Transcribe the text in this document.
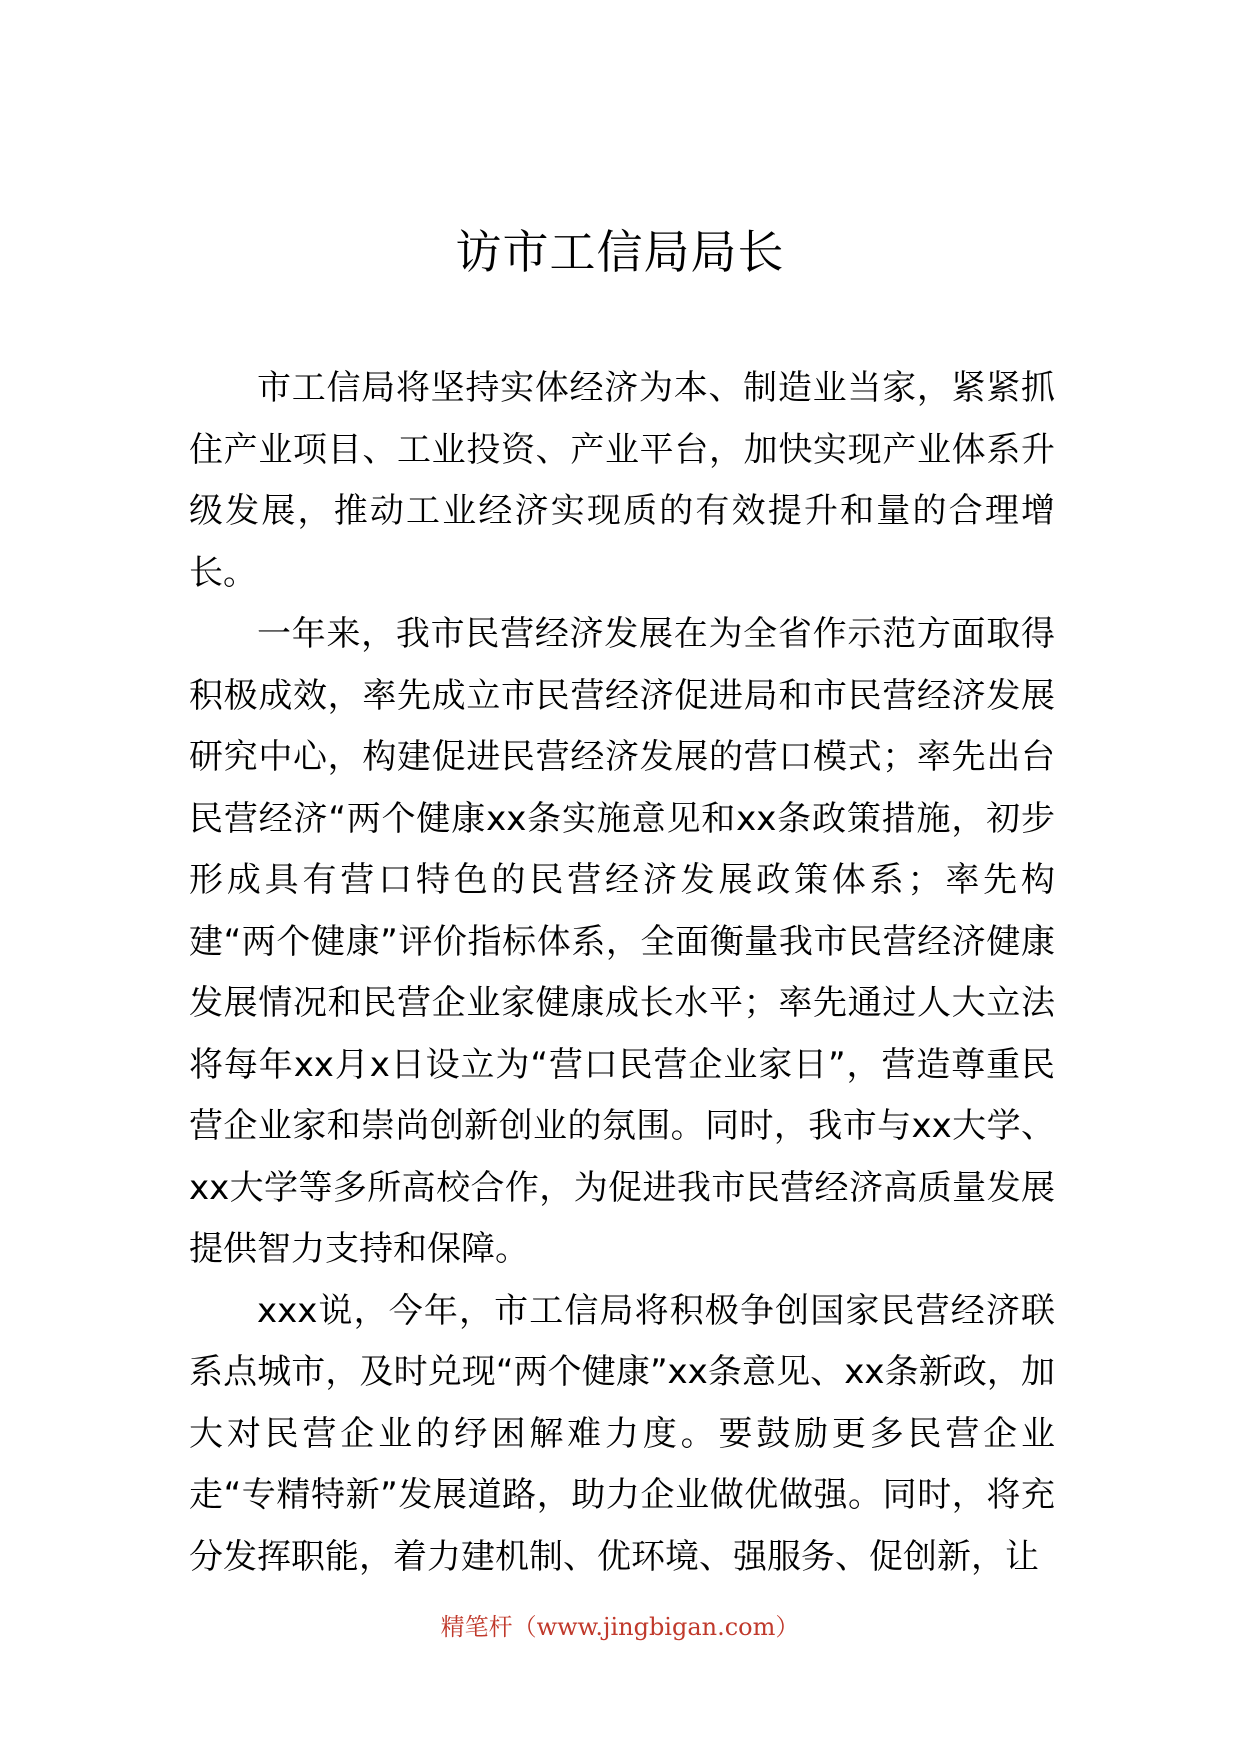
访市工信局局长

市工信局将坚持实体经济为本、制造业当家，紧紧抓住产业项目、工业投资、产业平台，加快实现产业体系升级发展，推动工业经济实现质的有效提升和量的合理增长。

一年来，我市民营经济发展在为全省作示范方面取得积极成效，率先成立市民营经济促进局和市民营经济发展研究中心，构建促进民营经济发展的营口模式；率先出台民营经济“两个健康xx条实施意见和xx条政策措施，初步形成具有营口特色的民营经济发展政策体系；率先构建“两个健康”评价指标体系，全面衡量我市民营经济健康发展情况和民营企业家健康成长水平；率先通过人大立法将每年xx月x日设立为“营口民营企业家日”，营造尊重民营企业家和崇尚创新创业的氛围。同时，我市与xx大学、xx大学等多所高校合作，为促进我市民营经济高质量发展提供智力支持和保障。

xxx说，今年，市工信局将积极争创国家民营经济联系点城市，及时兑现“两个健康”xx条意见、xx条新政，加大对民营企业的纾困解难力度。要鼓励更多民营企业走“专精特新”发展道路，助力企业做优做强。同时，将充分发挥职能，着力建机制、优环境、强服务、促创新，让

精笔杆（www.jingbigan.com）
